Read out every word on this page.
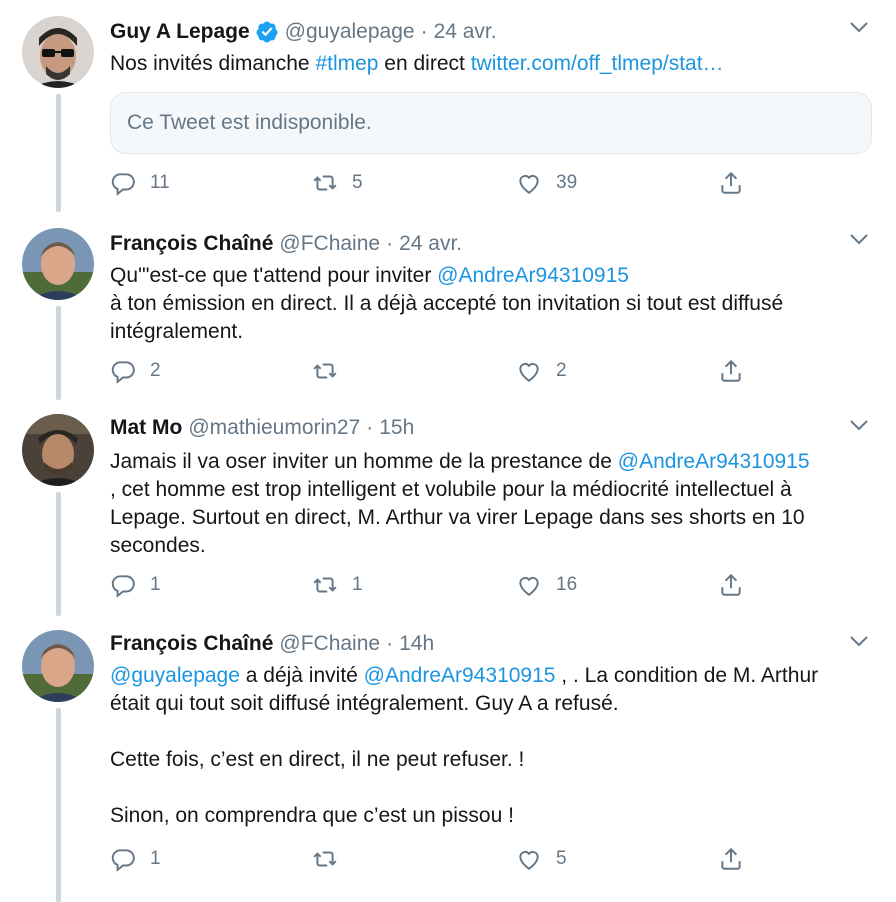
Guy A Lepage @guyalepage · 24 avr.
Nos invités dimanche #tlmep en direct twitter.com/off_tlmep/stat…
Ce Tweet est indisponible.
11	5	39
François Chaîné @FChaine · 24 avr.
Qu'"est-ce que t'attend pour inviter @AndreAr94310915
à ton émission en direct. Il a déjà accepté ton invitation si tout est diffusé
intégralement.
2	2
Mat Mo @mathieumorin27 · 15h
Jamais il va oser inviter un homme de la prestance de @AndreAr94310915
, cet homme est trop intelligent et volubile pour la médiocrité intellectuel à
Lepage. Surtout en direct, M. Arthur va virer Lepage dans ses shorts en 10
secondes.
1	1	16
François Chaîné @FChaine · 14h
@guyalepage a déjà invité @AndreAr94310915 , . La condition de M. Arthur
était qui tout soit diffusé intégralement. Guy A a refusé.
Cette fois, c’est en direct, il ne peut refuser. !
Sinon, on comprendra que c’est un pissou !
1	5
